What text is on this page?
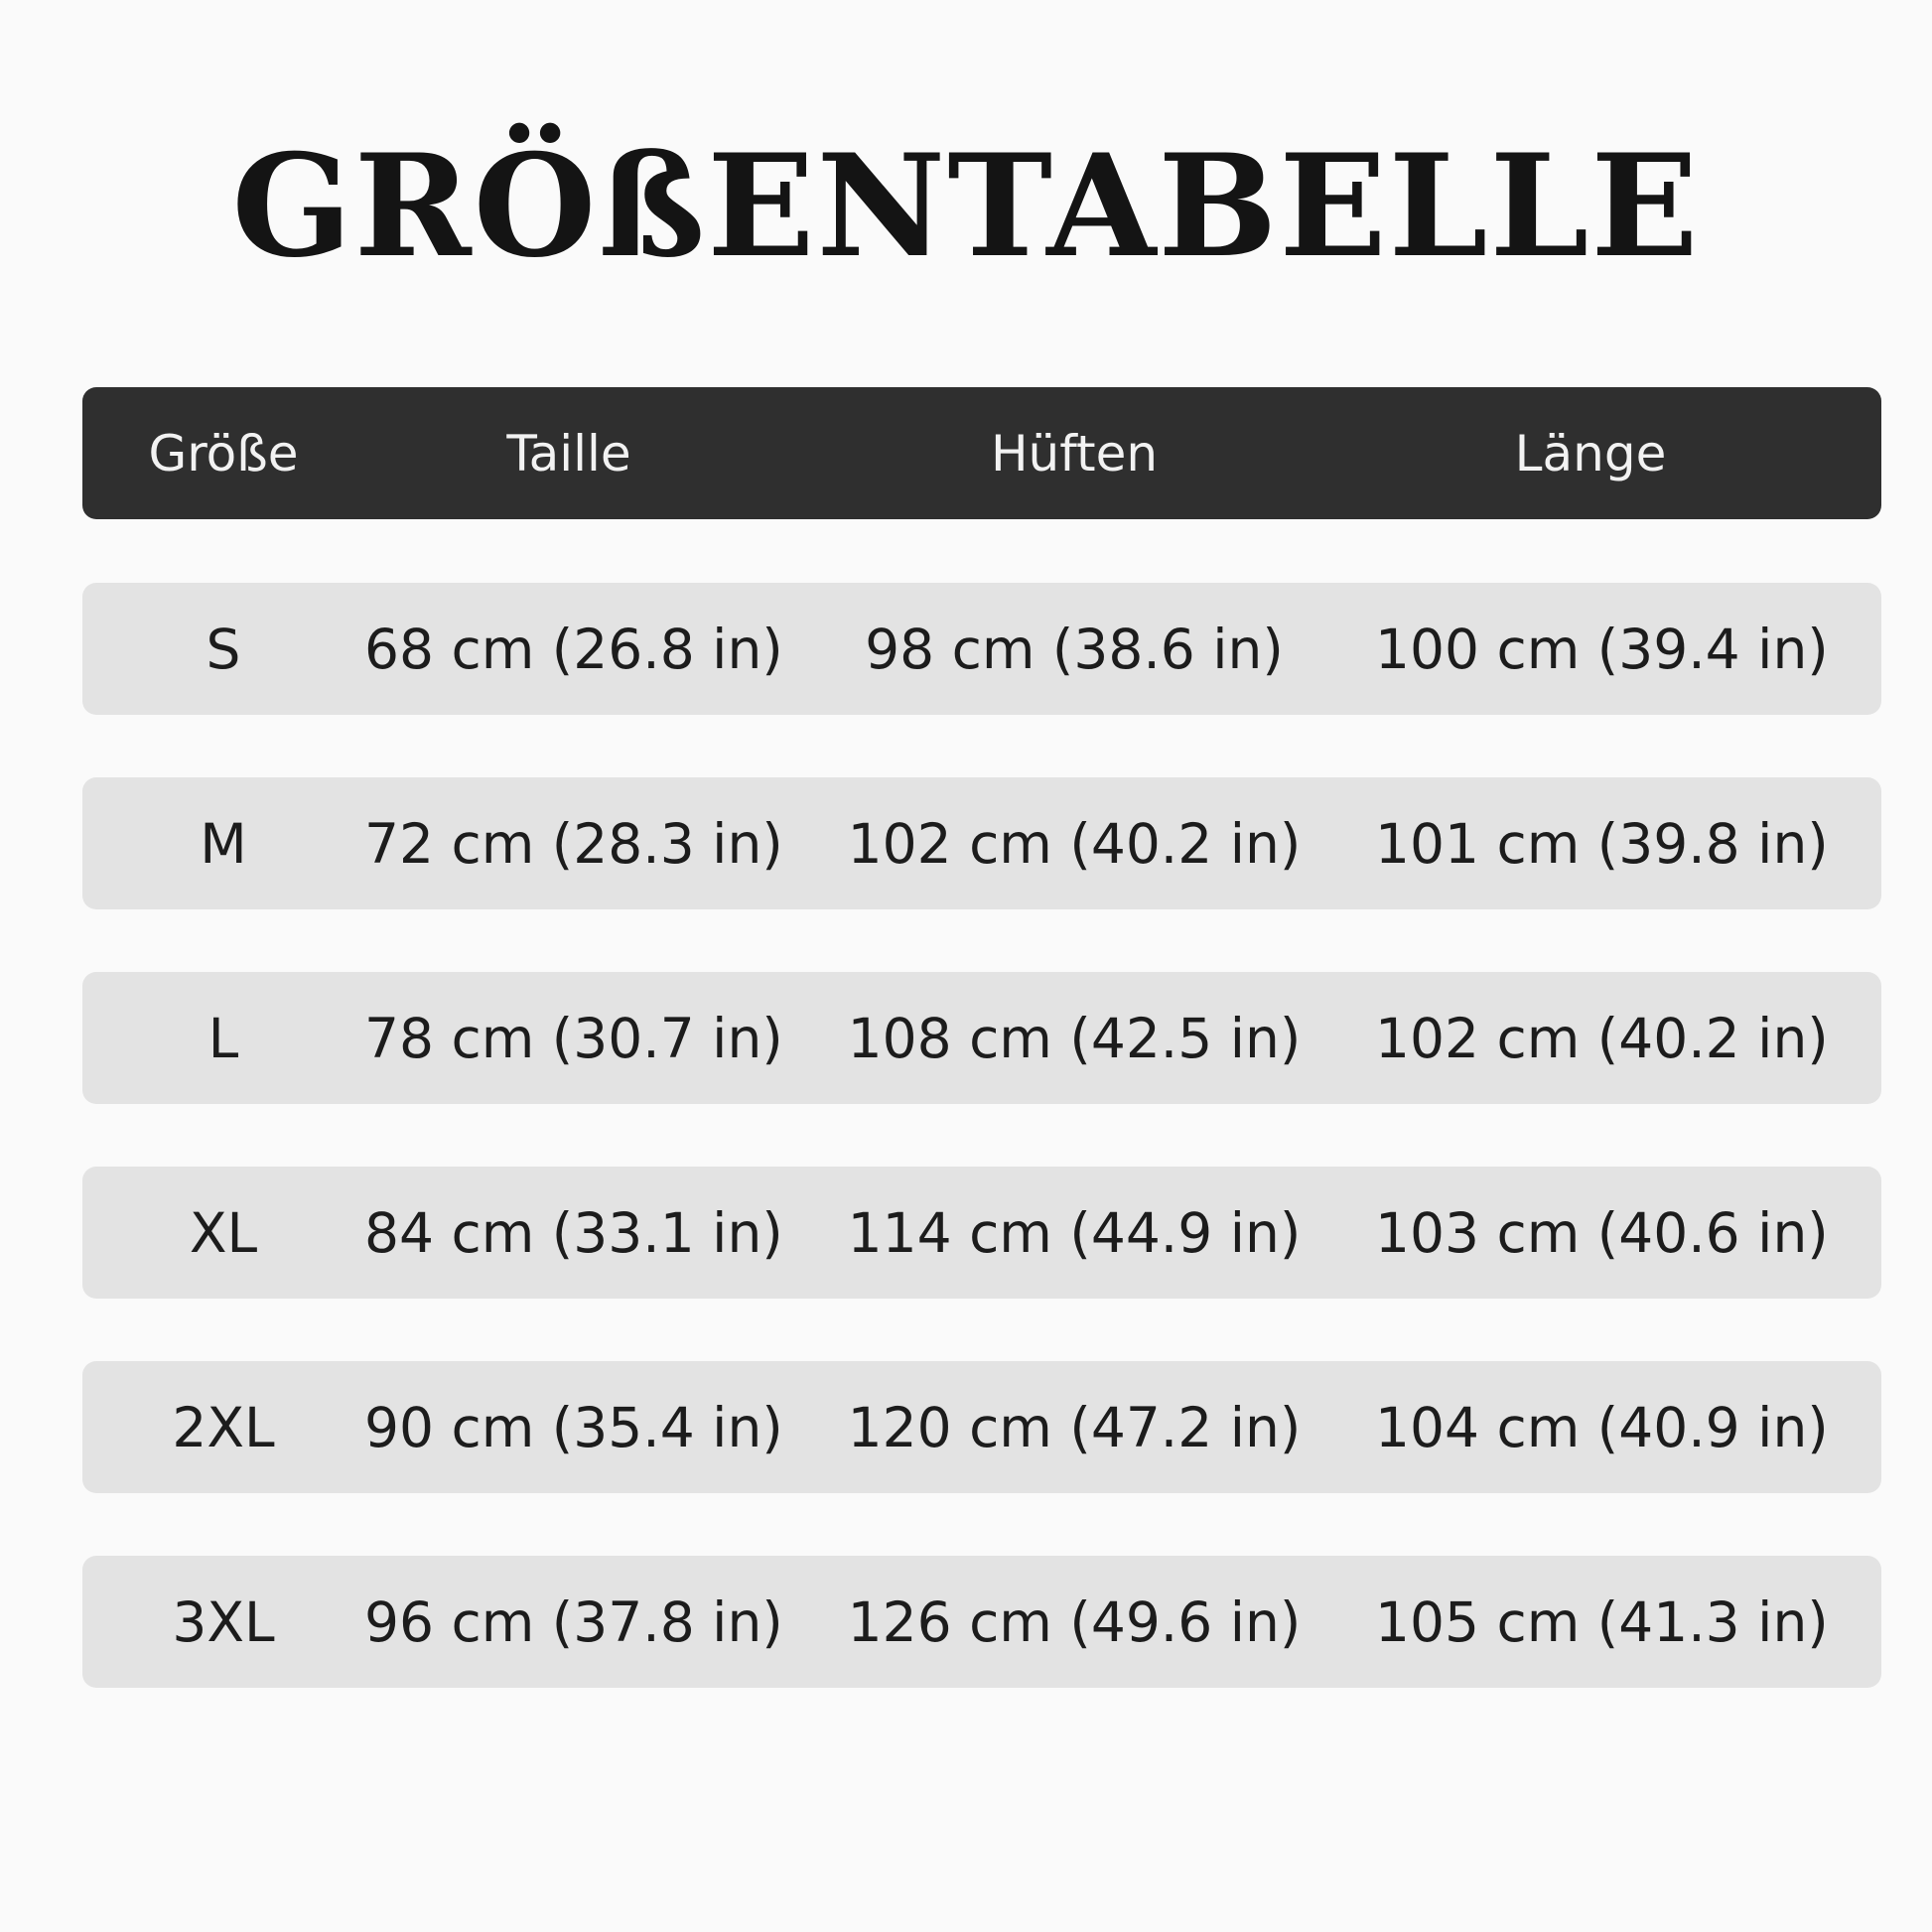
GRÖßENTABELLE
Größe	Taille	Hüften	Länge
S	68 cm (26.8 in)	98 cm (38.6 in)	100 cm (39.4 in)
M	72 cm (28.3 in)	102 cm (40.2 in)	101 cm (39.8 in)
L	78 cm (30.7 in)	108 cm (42.5 in)	102 cm (40.2 in)
XL	84 cm (33.1 in)	114 cm (44.9 in)	103 cm (40.6 in)
2XL	90 cm (35.4 in)	120 cm (47.2 in)	104 cm (40.9 in)
3XL	96 cm (37.8 in)	126 cm (49.6 in)	105 cm (41.3 in)
